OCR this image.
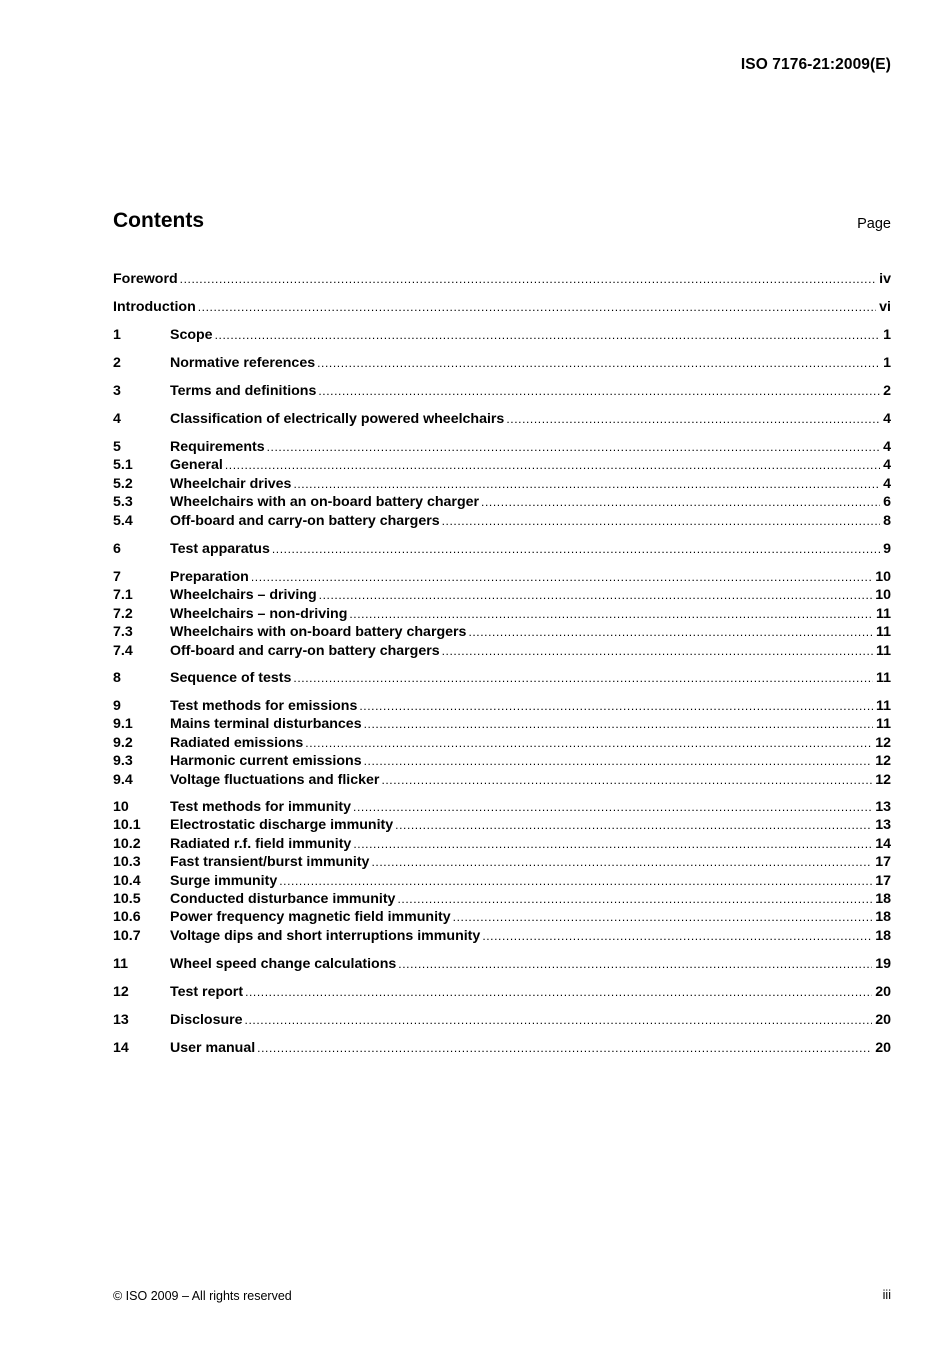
ISO 7176-21:2009(E)
Contents	Page
Foreword .....	iv
Introduction .....	vi
1	Scope .....	1
2	Normative references .....	1
3	Terms and definitions .....	2
4	Classification of electrically powered wheelchairs .....	4
5	Requirements .....	4
5.1	General .....	4
5.2	Wheelchair drives .....	4
5.3	Wheelchairs with an on-board battery charger .....	6
5.4	Off-board and carry-on battery chargers .....	8
6	Test apparatus .....	9
7	Preparation .....	10
7.1	Wheelchairs – driving .....	10
7.2	Wheelchairs – non-driving .....	11
7.3	Wheelchairs with on-board battery chargers .....	11
7.4	Off-board and carry-on battery chargers .....	11
8	Sequence of tests .....	11
9	Test methods for emissions .....	11
9.1	Mains terminal disturbances .....	11
9.2	Radiated emissions .....	12
9.3	Harmonic current emissions .....	12
9.4	Voltage fluctuations and flicker .....	12
10	Test methods for immunity .....	13
10.1	Electrostatic discharge immunity .....	13
10.2	Radiated r.f. field immunity .....	14
10.3	Fast transient/burst immunity .....	17
10.4	Surge immunity .....	17
10.5	Conducted disturbance immunity .....	18
10.6	Power frequency magnetic field immunity .....	18
10.7	Voltage dips and short interruptions immunity .....	18
11	Wheel speed change calculations .....	19
12	Test report .....	20
13	Disclosure .....	20
14	User manual .....	20
© ISO 2009 – All rights reserved	iii
